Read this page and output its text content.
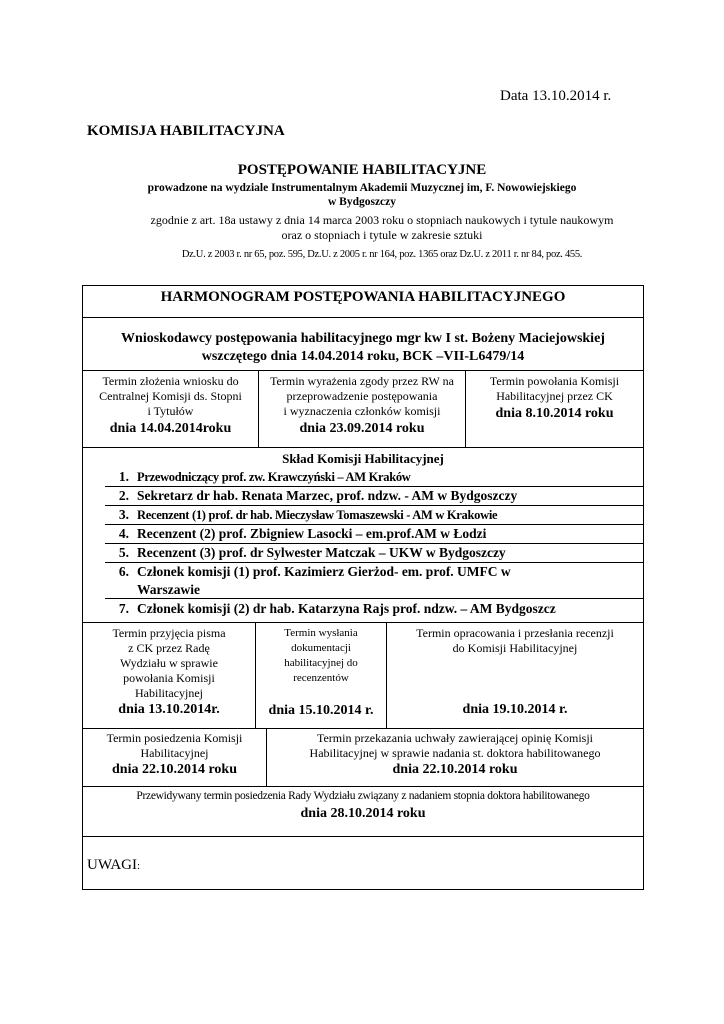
Data 13.10.2014 r.
KOMISJA HABILITACYJNA
POSTĘPOWANIE HABILITACYJNE
prowadzone na wydziale Instrumentalnym Akademii Muzycznej im, F. Nowowiejskiego
w Bydgoszczy
zgodnie z art. 18a ustawy z dnia 14 marca 2003 roku o stopniach naukowych i tytule naukowym
oraz o stopniach i tytule w zakresie sztuki
Dz.U. z 2003 r. nr 65, poz. 595, Dz.U. z 2005 r. nr 164, poz. 1365 oraz Dz.U. z 2011 r. nr 84, poz. 455.
HARMONOGRAM POSTĘPOWANIA HABILITACYJNEGO
Wnioskodawcy postępowania habilitacyjnego mgr kw I st. Bożeny Maciejowskiej
wszczętego dnia 14.04.2014 roku, BCK –VII-L6479/14
Termin złożenia wniosku do
Centralnej Komisji ds. Stopni
i Tytułów
dnia 14.04.2014roku
Termin wyrażenia zgody przez RW na
przeprowadzenie postępowania
i wyznaczenia członków komisji
dnia 23.09.2014 roku
Termin powołania Komisji
Habilitacyjnej przez CK
dnia 8.10.2014 roku
Skład Komisji Habilitacyjnej
1. Przewodniczący prof. zw. Krawczyński – AM Kraków
2. Sekretarz dr hab. Renata Marzec, prof. ndzw. - AM w Bydgoszczy
3. Recenzent (1) prof. dr hab. Mieczysław Tomaszewski - AM w Krakowie
4. Recenzent (2) prof. Zbigniew Lasocki – em.prof.AM w Łodzi
5. Recenzent (3) prof. dr Sylwester Matczak – UKW w Bydgoszczy
6. Członek komisji (1) prof. Kazimierz Gierżod- em. prof. UMFC w
Warszawie
7. Członek komisji (2) dr hab. Katarzyna Rajs prof. ndzw. – AM Bydgoszcz
Termin przyjęcia pisma
z CK przez Radę
Wydziału w sprawie
powołania Komisji
Habilitacyjnej
dnia 13.10.2014r.
Termin wysłania
dokumentacji
habilitacyjnej do
recenzentów
dnia 15.10.2014 r.
Termin opracowania i przesłania recenzji
do Komisji Habilitacyjnej
dnia 19.10.2014 r.
Termin posiedzenia Komisji
Habilitacyjnej
dnia 22.10.2014 roku
Termin przekazania uchwały zawierającej opinię Komisji
Habilitacyjnej w sprawie nadania st. doktora habilitowanego
dnia 22.10.2014 roku
Przewidywany termin posiedzenia Rady Wydziału związany z nadaniem stopnia doktora habilitowanego
dnia 28.10.2014 roku
UWAGI:
